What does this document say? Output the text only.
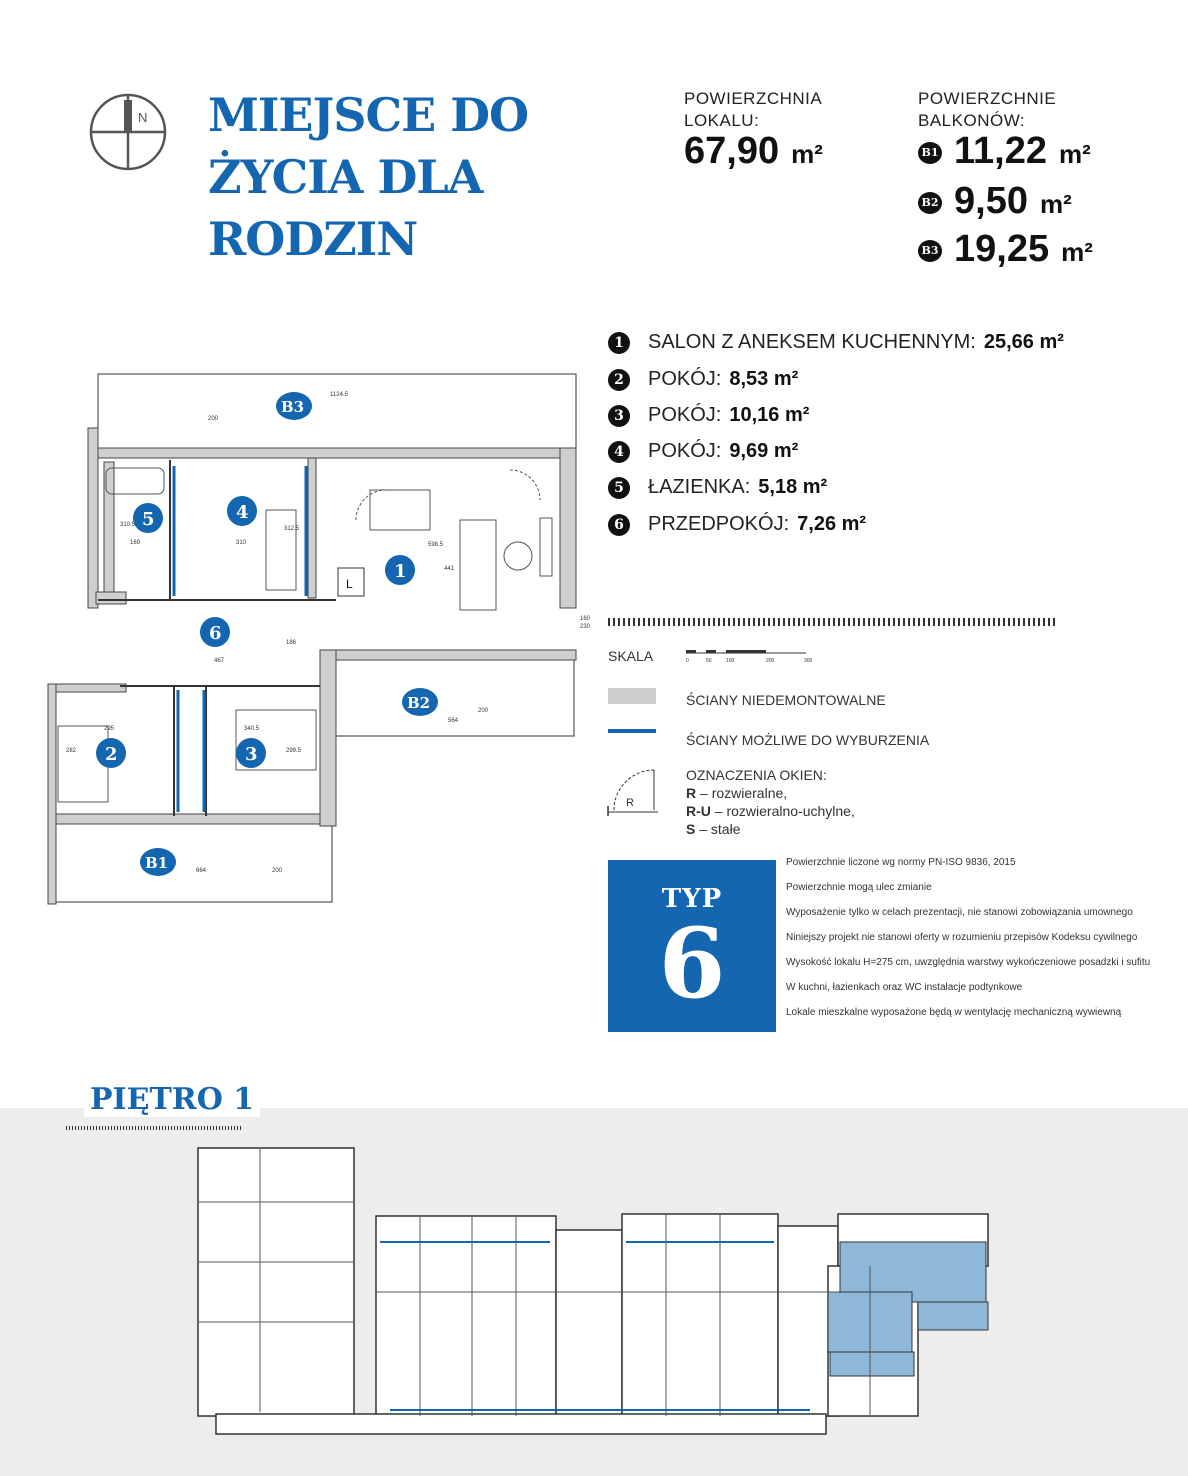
N MIEJSCE DO
ŻYCIA DLA
RODZIN
POWIERZCHNIA
LOKALU:
67,90 m²
POWIERZCHNIE
BALKONÓW:
B1 11,22 m²
B2 9,50 m²
B3 19,25 m²
1	SALON Z ANEKSEM KUCHENNYM: 25,66 m²
2	POKÓJ: 8,53 m²
3	POKÓJ: 10,16 m²
4	POKÓJ: 9,69 m²
5	ŁAZIENKA: 5,18 m²
6	PRZEDPOKÓJ: 7,26 m²
SKALA	0	50	100	200	300
ŚCIANY NIEDEMONTOWALNE
ŚCIANY MOŻLIWE DO WYBURZENIA
R
OZNACZENIA OKIEN:
R – rozwieralne,
R-U – rozwieralno-uchylne,
S – stałe
TYP
6
Powierzchnie liczone wg normy PN-ISO 9836, 2015
Powierzchnie mogą ulec zmianie
Wyposażenie tylko w celach prezentacji, nie stanowi zobowiązania umownego
Niniejszy projekt nie stanowi oferty w rozumieniu przepisów Kodeksu cywilnego
Wysokość lokalu H=275 cm, uwzględnia warstwy wykończeniowe posadzki i sufitu
W kuchni, łazienkach oraz WC instalacje podtynkowe
Lokale mieszkalne wyposażone będą w wentylację mechaniczną wywiewną
1124.5
200
598.5
441
310
312.5
169
310.5
467
186
295	340.5
299.5
282
564
200
664	200
160
230
L
1
2	3
4
5
6
B1
B2
B3
PIĘTRO 1
